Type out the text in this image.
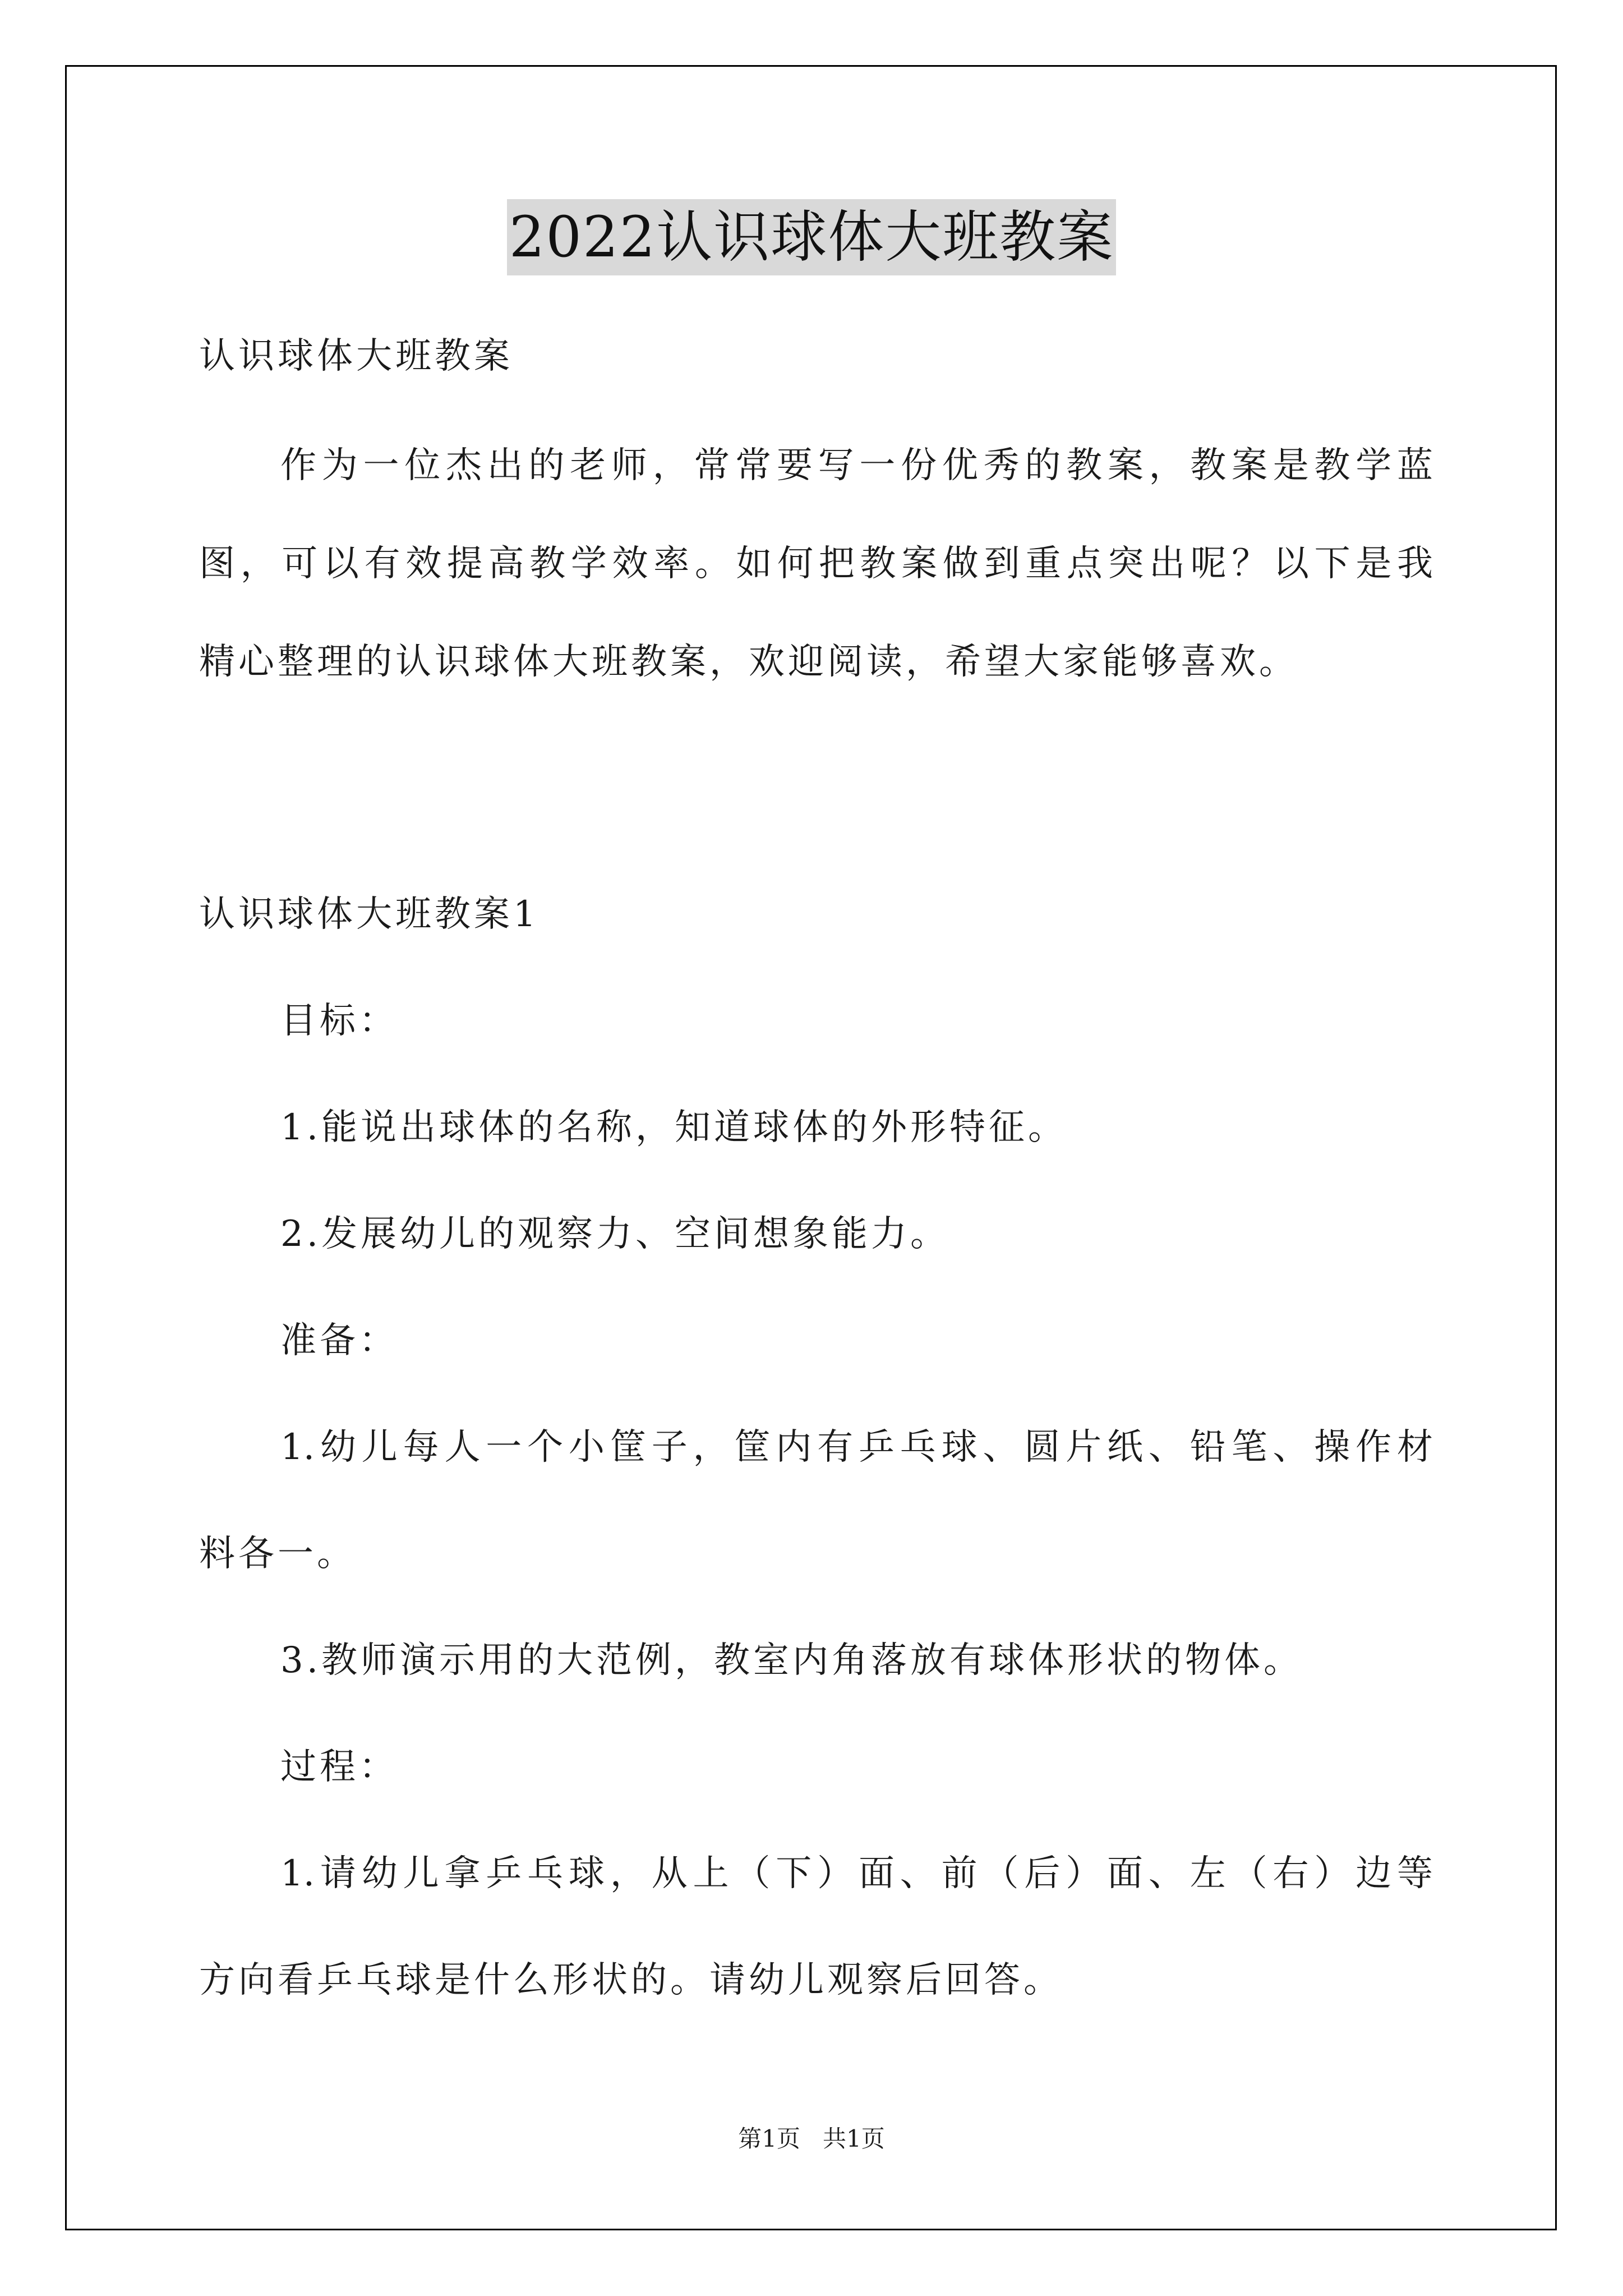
2022认识球体大班教案
认识球体大班教案
作为一位杰出的老师，常常要写一份优秀的教案，教案是教学蓝
图，可以有效提高教学效率。如何把教案做到重点突出呢？以下是我
精心整理的认识球体大班教案，欢迎阅读，希望大家能够喜欢。
认识球体大班教案1
目标：
1.能说出球体的名称，知道球体的外形特征。
2.发展幼儿的观察力、空间想象能力。
准备：
1.幼儿每人一个小筐子，筐内有乒乓球、圆片纸、铅笔、操作材
料各一。
3.教师演示用的大范例，教室内角落放有球体形状的物体。
过程：
1.请幼儿拿乒乓球，从上（下）面、前（后）面、左（右）边等
方向看乒乓球是什么形状的。请幼儿观察后回答。
第1页   共1页
